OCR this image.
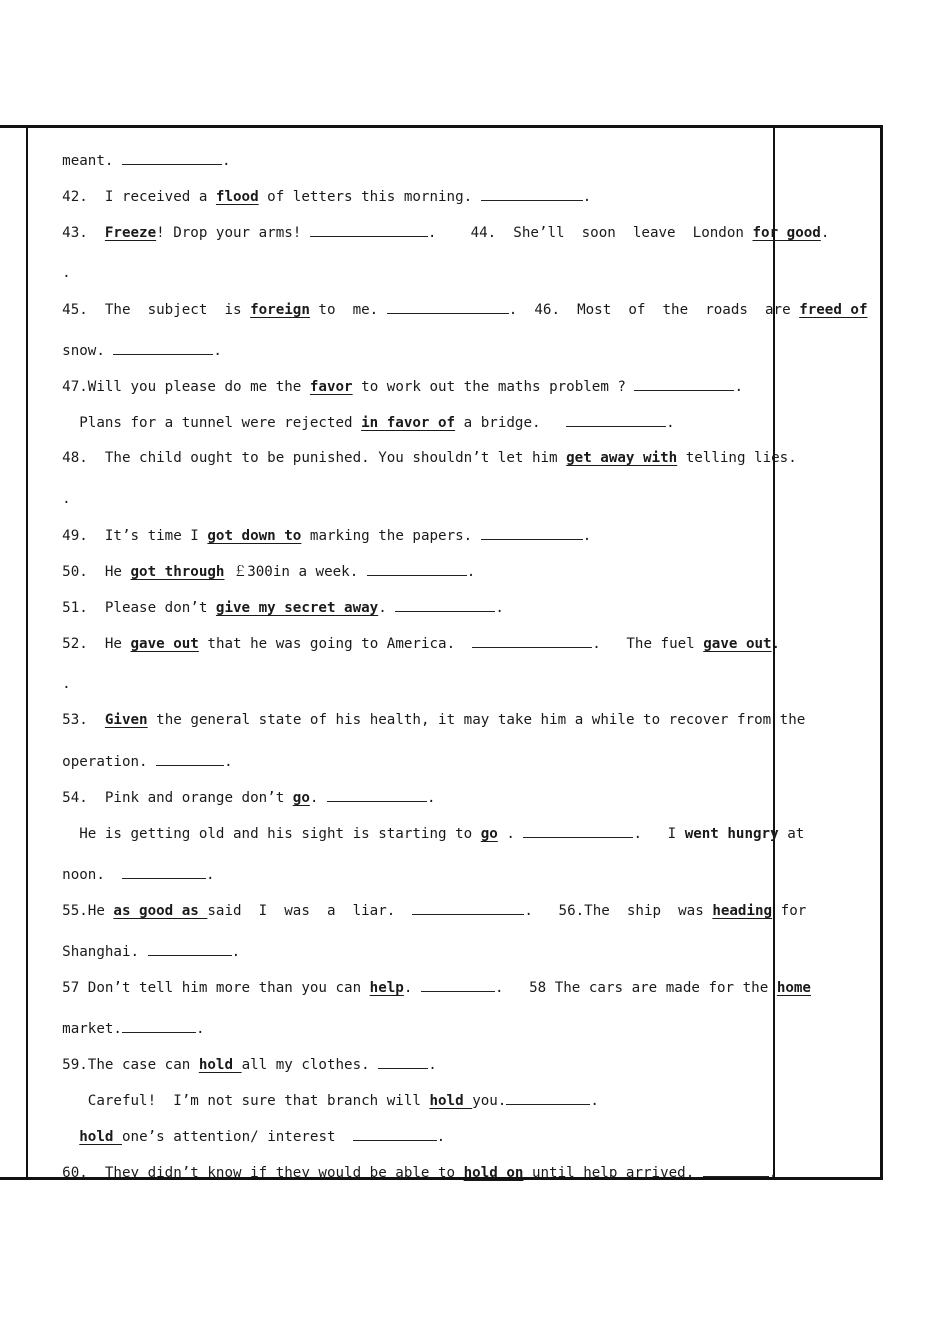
meant.	.

42.  I received a flood of letters this morning.	.

43.  Freeze! Drop your arms!	.    44.  She’ll  soon  leave  London for good.

.

45.  The  subject  is foreign to  me.	.  46.  Most  of  the  roads  are freed of

snow.	.

47.Will you please do me the favor to work out the maths problem ?	.

Plans for a tunnel were rejected in favor of a bridge.	.

48.  The child ought to be punished. You shouldn’t let him get away with telling lies.

.

49.  It’s time I got down to marking the papers.	.

50.  He got through ￡300in a week.	.

51.  Please don’t give my secret away.	.

52.  He gave out that he was going to America.	.   The fuel gave out.

.

53.  Given the general state of his health, it may take him a while to recover from the

operation.	.

54.  Pink and orange don’t go.	.

He is getting old and his sight is starting to go .	.   I went hungry at

noon.	.

55.He as good as said  I  was  a  liar.	.   56.The  ship  was heading for

Shanghai.	.

57 Don’t tell him more than you can help.	.   58 The cars are made for the home

market.	.

59.The case can hold all my clothes.	.

Careful!  I’m not sure that branch will hold you.	.

hold one’s attention/ interest	.

60.  They didn’t know if they would be able to hold on until help arrived.	.
